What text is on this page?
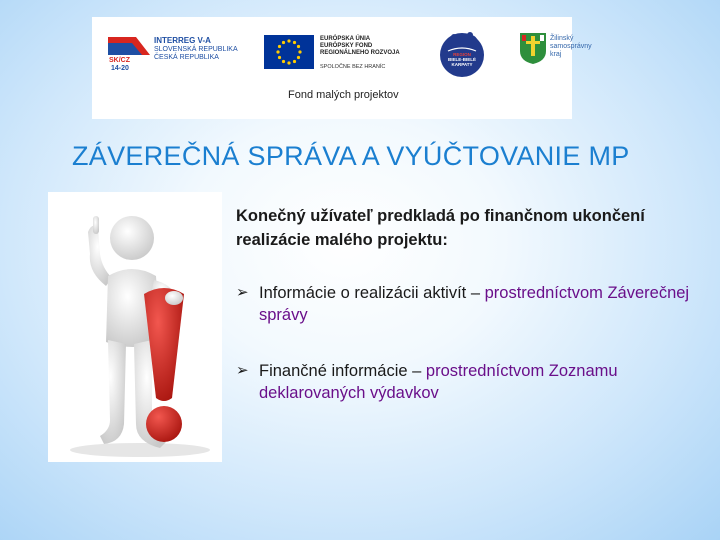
SK/CZ
14-20
INTERREG V-A
SLOVENSKÁ REPUBLIKA
ČESKÁ REPUBLIKA
EURÓPSKA ÚNIA
EURÓPSKY FOND
REGIONÁLNEHO ROZVOJA
SPOLOČNE BEZ HRANÍC
REGION
BIELE-BIELÉ
KARPATY
Žilinský
samosprávny
kraj
Fond malých projektov
ZÁVEREČNÁ SPRÁVA A VYÚČTOVANIE MP
Konečný užívateľ predkladá po finančnom ukončení realizácie malého projektu:
➢ Informácie o realizácii aktivít – prostredníctvom Záverečnej správy
➢ Finančné informácie – prostredníctvom Zoznamu deklarovaných výdavkov
